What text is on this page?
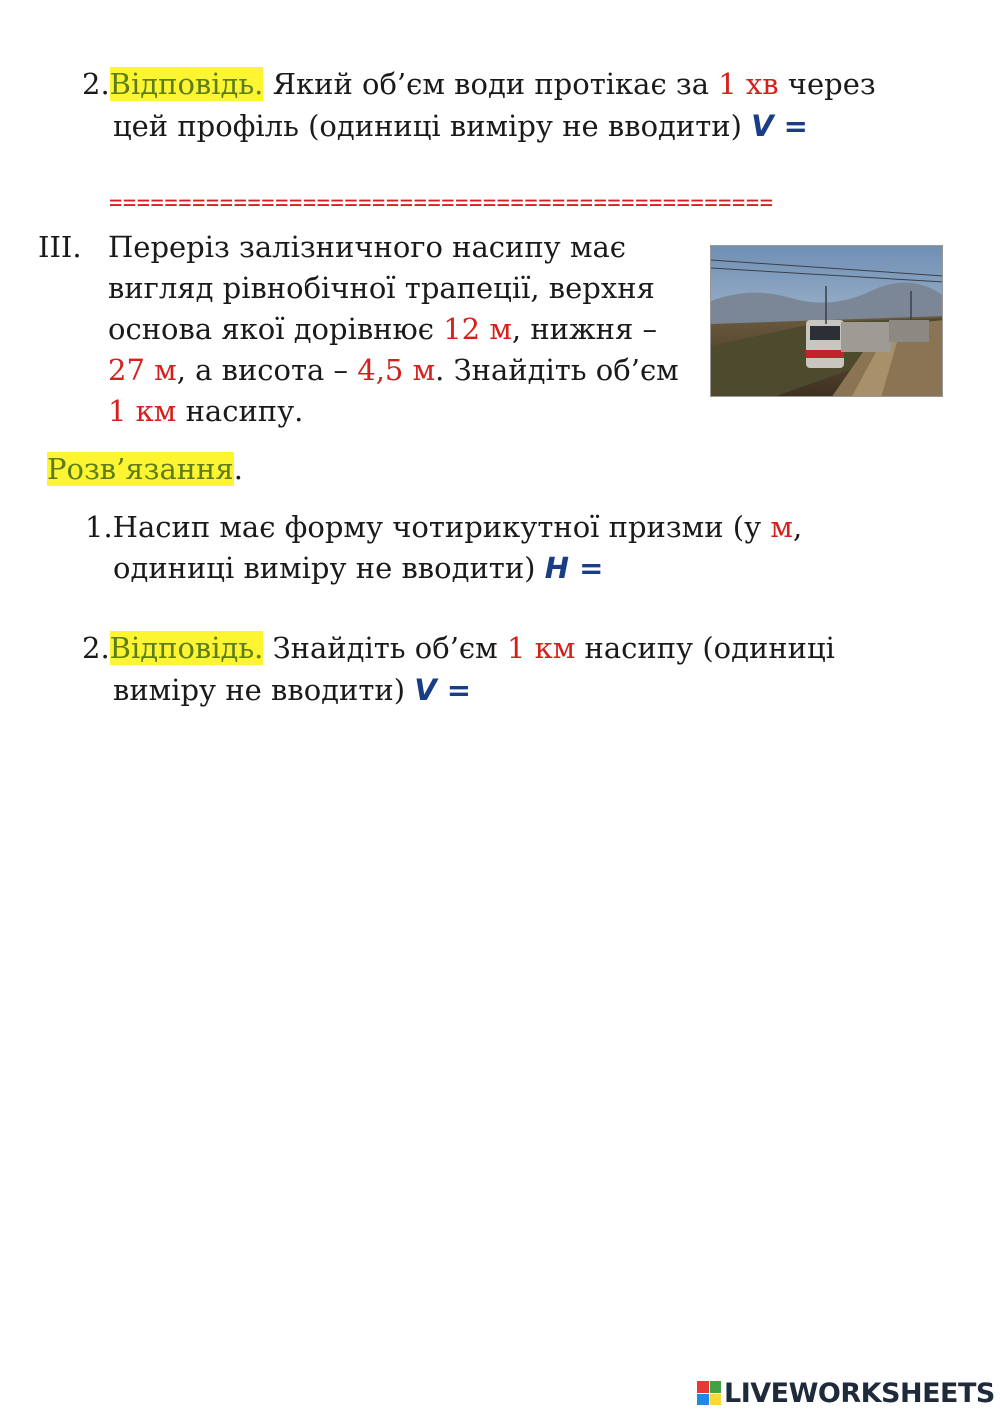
2.Відповідь. Який об’єм води протікає за 1 хв через
цей профіль (одиниці виміру не вводити) V =
================================================
III. Переріз залізничного насипу має
вигляд рівнобічної трапеції, верхня
основа якої дорівнює 12 м, нижня –
27 м, а висота – 4,5 м. Знайдіть об’єм
1 км насипу.
Розв’язання.
1.Насип має форму чотирикутної призми (у м,
одиниці виміру не вводити) H =
2.Відповідь. Знайдіть об’єм 1 км насипу (одиниці
виміру не вводити) V =
LIVEWORKSHEETS
